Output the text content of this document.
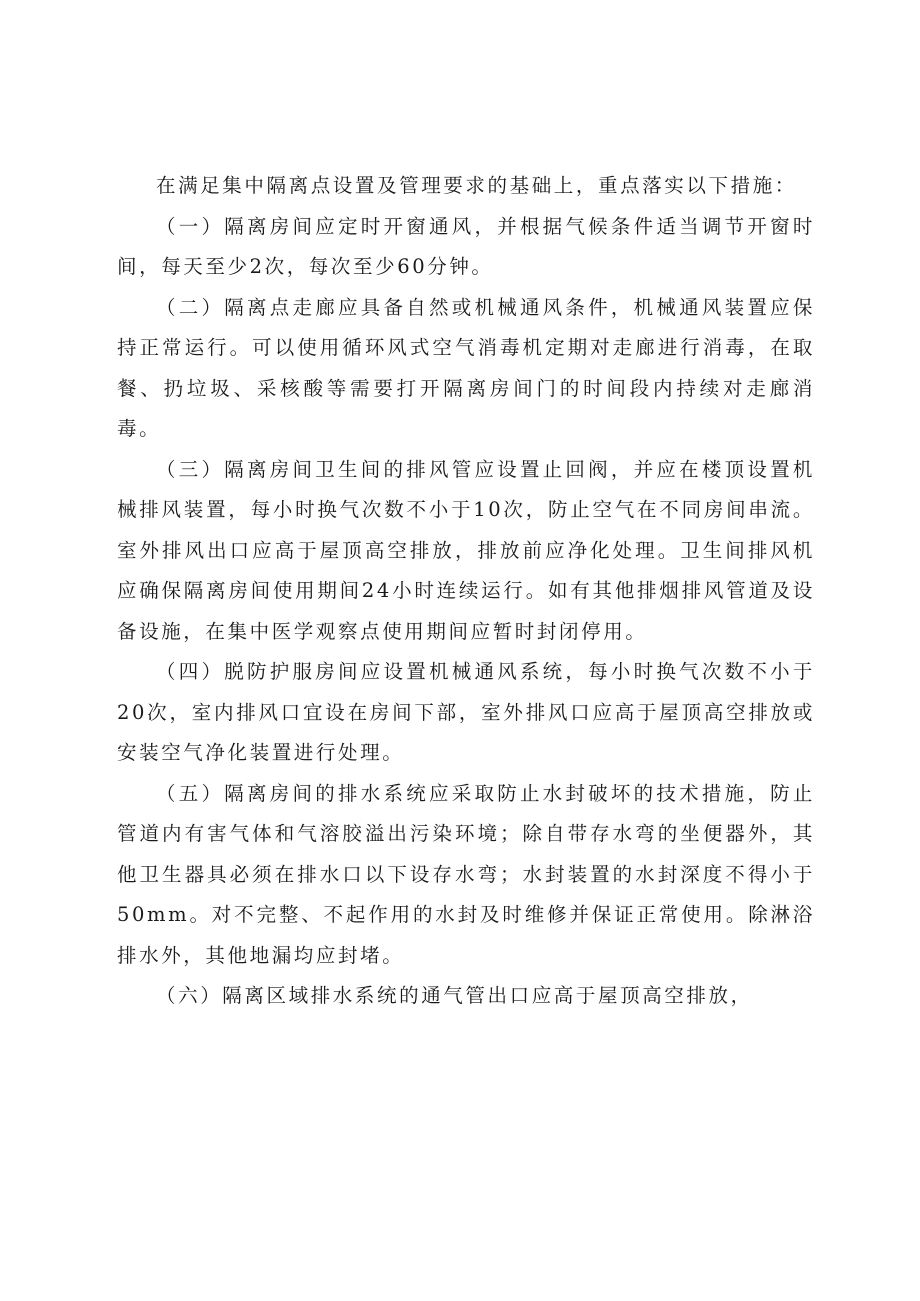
在满足集中隔离点设置及管理要求的基础上，重点落实以下措施：

（一）隔离房间应定时开窗通风，并根据气候条件适当调节开窗时间，每天至少2次，每次至少60分钟。

（二）隔离点走廊应具备自然或机械通风条件，机械通风装置应保持正常运行。可以使用循环风式空气消毒机定期对走廊进行消毒，在取餐、扔垃圾、采核酸等需要打开隔离房间门的时间段内持续对走廊消毒。

（三）隔离房间卫生间的排风管应设置止回阀，并应在楼顶设置机械排风装置，每小时换气次数不小于10次，防止空气在不同房间串流。室外排风出口应高于屋顶高空排放，排放前应净化处理。卫生间排风机应确保隔离房间使用期间24小时连续运行。如有其他排烟排风管道及设备设施，在集中医学观察点使用期间应暂时封闭停用。

（四）脱防护服房间应设置机械通风系统，每小时换气次数不小于20次，室内排风口宜设在房间下部，室外排风口应高于屋顶高空排放或安装空气净化装置进行处理。

（五）隔离房间的排水系统应采取防止水封破坏的技术措施，防止管道内有害气体和气溶胶溢出污染环境；除自带存水弯的坐便器外，其他卫生器具必须在排水口以下设存水弯；水封装置的水封深度不得小于50mm。对不完整、不起作用的水封及时维修并保证正常使用。除淋浴排水外，其他地漏均应封堵。

（六）隔离区域排水系统的通气管出口应高于屋顶高空排放，
